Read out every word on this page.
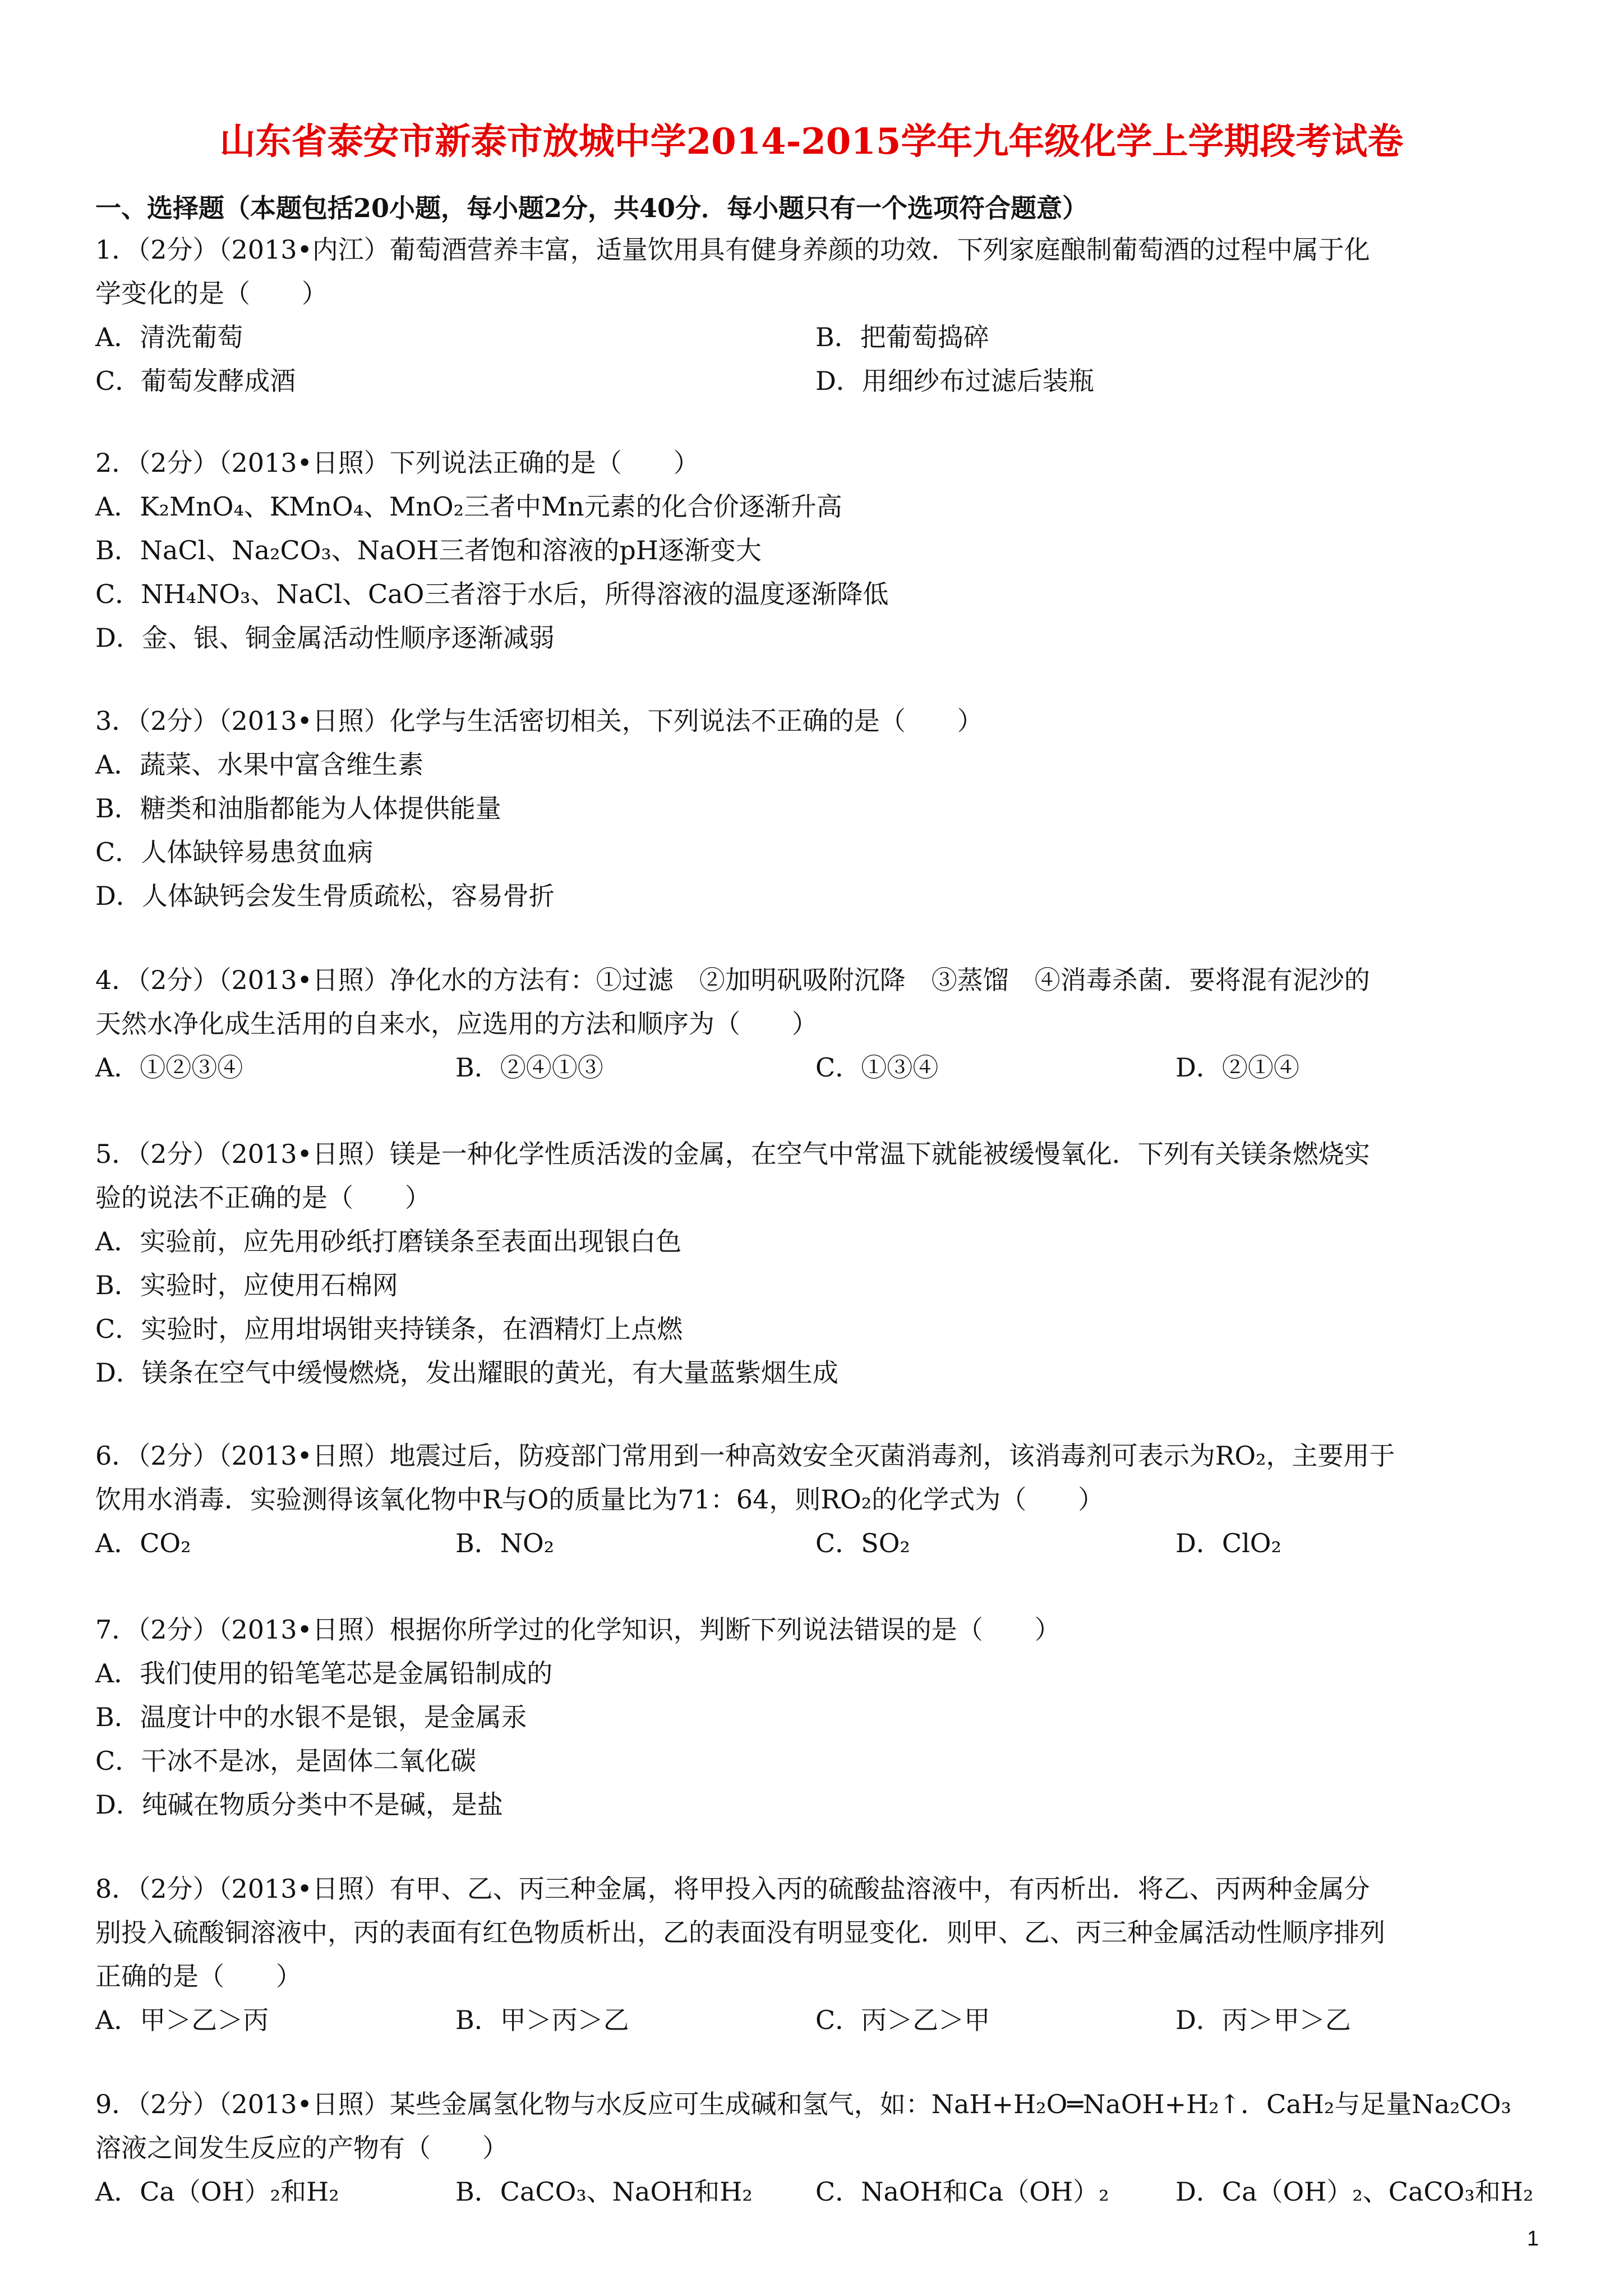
山东省泰安市新泰市放城中学2014-2015学年九年级化学上学期段考试卷
一、选择题（本题包括20小题，每小题2分，共40分．每小题只有一个选项符合题意）
1．（2分）（2013•内江）葡萄酒营养丰富，适量饮用具有健身养颜的功效．下列家庭酿制葡萄酒的过程中属于化
学变化的是（　　）
A．清洗葡萄	B．把葡萄捣碎
C．葡萄发酵成酒	D．用细纱布过滤后装瓶
2．（2分）（2013•日照）下列说法正确的是（　　）
A．K₂MnO₄、KMnO₄、MnO₂三者中Mn元素的化合价逐渐升高
B．NaCl、Na₂CO₃、NaOH三者饱和溶液的pH逐渐变大
C．NH₄NO₃、NaCl、CaO三者溶于水后，所得溶液的温度逐渐降低
D．金、银、铜金属活动性顺序逐渐减弱
3．（2分）（2013•日照）化学与生活密切相关，下列说法不正确的是（　　）
A．蔬菜、水果中富含维生素
B．糖类和油脂都能为人体提供能量
C．人体缺锌易患贫血病
D．人体缺钙会发生骨质疏松，容易骨折
4．（2分）（2013•日照）净化水的方法有：①过滤　②加明矾吸附沉降　③蒸馏　④消毒杀菌．要将混有泥沙的
天然水净化成生活用的自来水，应选用的方法和顺序为（　　）
A．①②③④	B．②④①③	C．①③④	D．②①④
5．（2分）（2013•日照）镁是一种化学性质活泼的金属，在空气中常温下就能被缓慢氧化．下列有关镁条燃烧实
验的说法不正确的是（　　）
A．实验前，应先用砂纸打磨镁条至表面出现银白色
B．实验时，应使用石棉网
C．实验时，应用坩埚钳夹持镁条，在酒精灯上点燃
D．镁条在空气中缓慢燃烧，发出耀眼的黄光，有大量蓝紫烟生成
6．（2分）（2013•日照）地震过后，防疫部门常用到一种高效安全灭菌消毒剂，该消毒剂可表示为RO₂，主要用于
饮用水消毒．实验测得该氧化物中R与O的质量比为71：64，则RO₂的化学式为（　　）
A．CO₂	B．NO₂	C．SO₂	D．ClO₂
7．（2分）（2013•日照）根据你所学过的化学知识，判断下列说法错误的是（　　）
A．我们使用的铅笔笔芯是金属铅制成的
B．温度计中的水银不是银，是金属汞
C．干冰不是冰，是固体二氧化碳
D．纯碱在物质分类中不是碱，是盐
8．（2分）（2013•日照）有甲、乙、丙三种金属，将甲投入丙的硫酸盐溶液中，有丙析出．将乙、丙两种金属分
别投入硫酸铜溶液中，丙的表面有红色物质析出，乙的表面没有明显变化．则甲、乙、丙三种金属活动性顺序排列
正确的是（　　）
A．甲＞乙＞丙	B．甲＞丙＞乙	C．丙＞乙＞甲	D．丙＞甲＞乙
9．（2分）（2013•日照）某些金属氢化物与水反应可生成碱和氢气，如：NaH+H₂O═NaOH+H₂↑．CaH₂与足量Na₂CO₃
溶液之间发生反应的产物有（　　）
A．Ca（OH）₂和H₂	B．CaCO₃、NaOH和H₂ C．NaOH和Ca（OH）₂	D．Ca（OH）₂、CaCO₃和H₂
1
